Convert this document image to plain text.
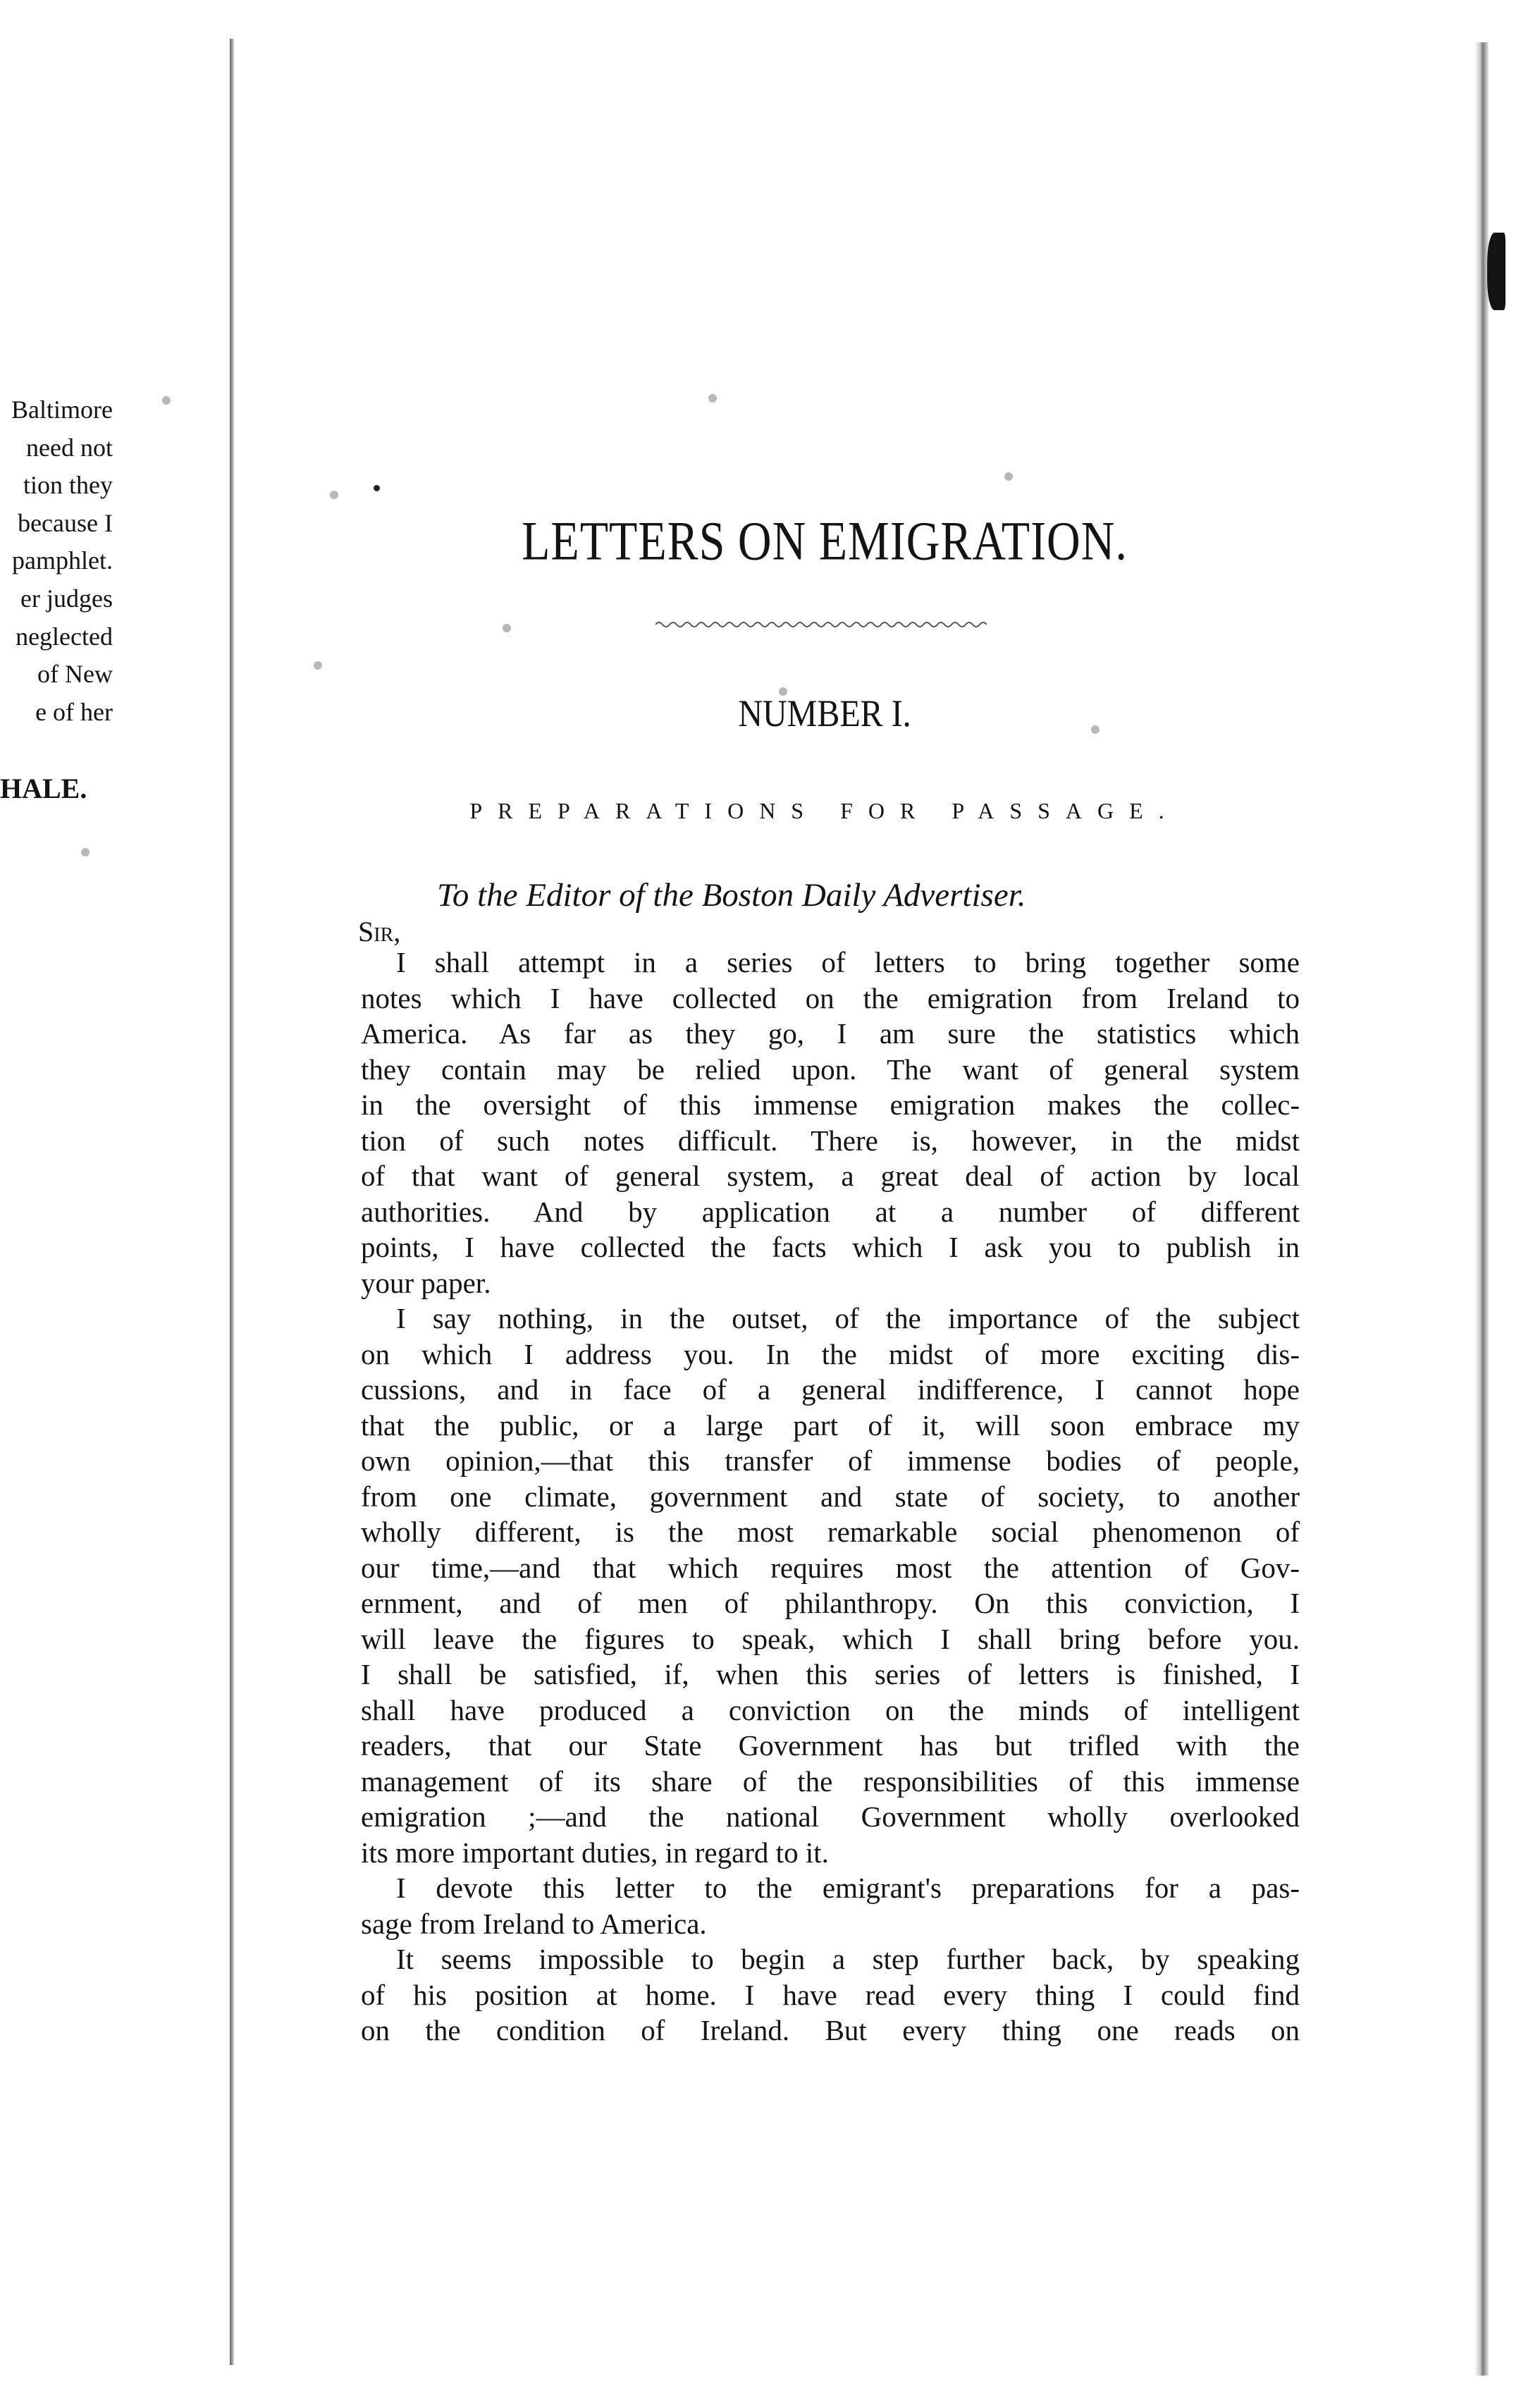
Baltimore
need not
tion they
because I
pamphlet.
er judges
neglected
of New
e of her
HALE.
LETTERS ON EMIGRATION.
NUMBER I.
PREPARATIONS FOR PASSAGE.
To the Editor of the Boston Daily Advertiser.
Sir,
I shall attempt in a series of letters to bring together some
notes which I have collected on the emigration from Ireland to
America. As far as they go, I am sure the statistics which
they contain may be relied upon. The want of general system
in the oversight of this immense emigration makes the collec-
tion of such notes difficult. There is, however, in the midst
of that want of general system, a great deal of action by local
authorities. And by application at a number of different
points, I have collected the facts which I ask you to publish in
your paper.
I say nothing, in the outset, of the importance of the subject
on which I address you. In the midst of more exciting dis-
cussions, and in face of a general indifference, I cannot hope
that the public, or a large part of it, will soon embrace my
own opinion,—that this transfer of immense bodies of people,
from one climate, government and state of society, to another
wholly different, is the most remarkable social phenomenon of
our time,—and that which requires most the attention of Gov-
ernment, and of men of philanthropy. On this conviction, I
will leave the figures to speak, which I shall bring before you.
I shall be satisfied, if, when this series of letters is finished, I
shall have produced a conviction on the minds of intelligent
readers, that our State Government has but trifled with the
management of its share of the responsibilities of this immense
emigration ;—and the national Government wholly overlooked
its more important duties, in regard to it.
I devote this letter to the emigrant's preparations for a pas-
sage from Ireland to America.
It seems impossible to begin a step further back, by speaking
of his position at home. I have read every thing I could find
on the condition of Ireland. But every thing one reads on
